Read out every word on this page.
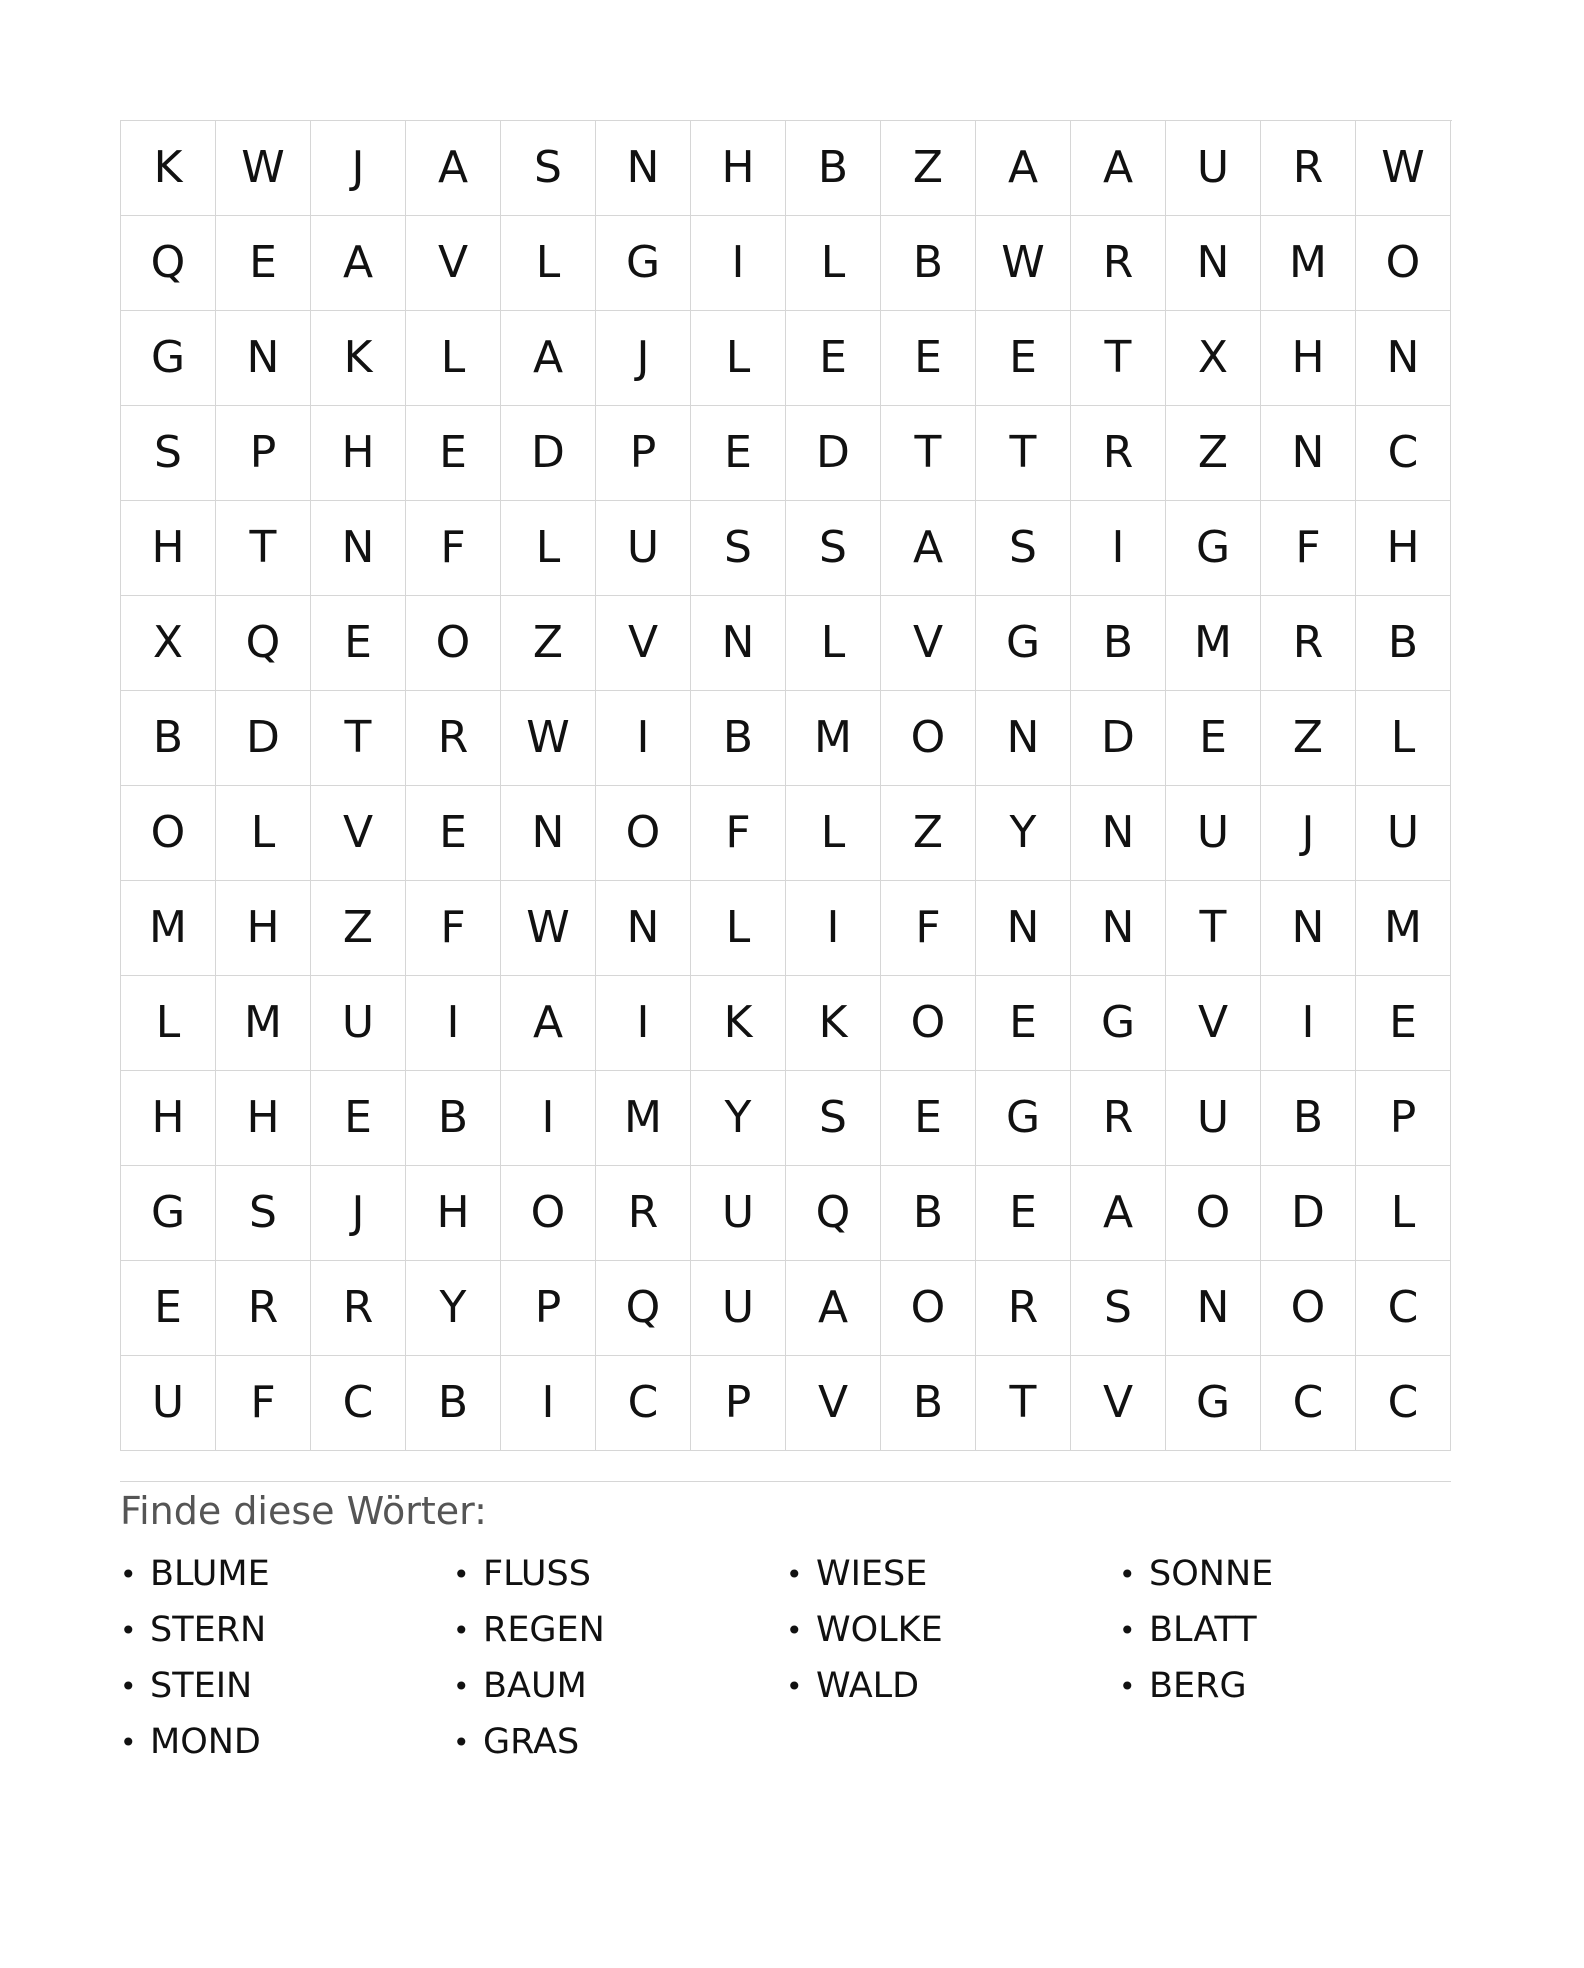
K	W	J	A	S	N	H	B	Z	A	A	U	R	W
Q	E	A	V	L	G	I	L	B	W	R	N	M	O
G	N	K	L	A	J	L	E	E	E	T	X	H	N
S	P	H	E	D	P	E	D	T	T	R	Z	N	C
H	T	N	F	L	U	S	S	A	S	I	G	F	H
X	Q	E	O	Z	V	N	L	V	G	B	M	R	B
B	D	T	R	W	I	B	M	O	N	D	E	Z	L
O	L	V	E	N	O	F	L	Z	Y	N	U	J	U
M	H	Z	F	W	N	L	I	F	N	N	T	N	M
L	M	U	I	A	I	K	K	O	E	G	V	I	E
H	H	E	B	I	M	Y	S	E	G	R	U	B	P
G	S	J	H	O	R	U	Q	B	E	A	O	D	L
E	R	R	Y	P	Q	U	A	O	R	S	N	O	C
U	F	C	B	I	C	P	V	B	T	V	G	C	C
Finde diese Wörter:
• BLUME	• FLUSS	• WIESE	• SONNE
• STERN	• REGEN	• WOLKE	• BLATT
• STEIN	• BAUM	• WALD	• BERG
• MOND	• GRAS
